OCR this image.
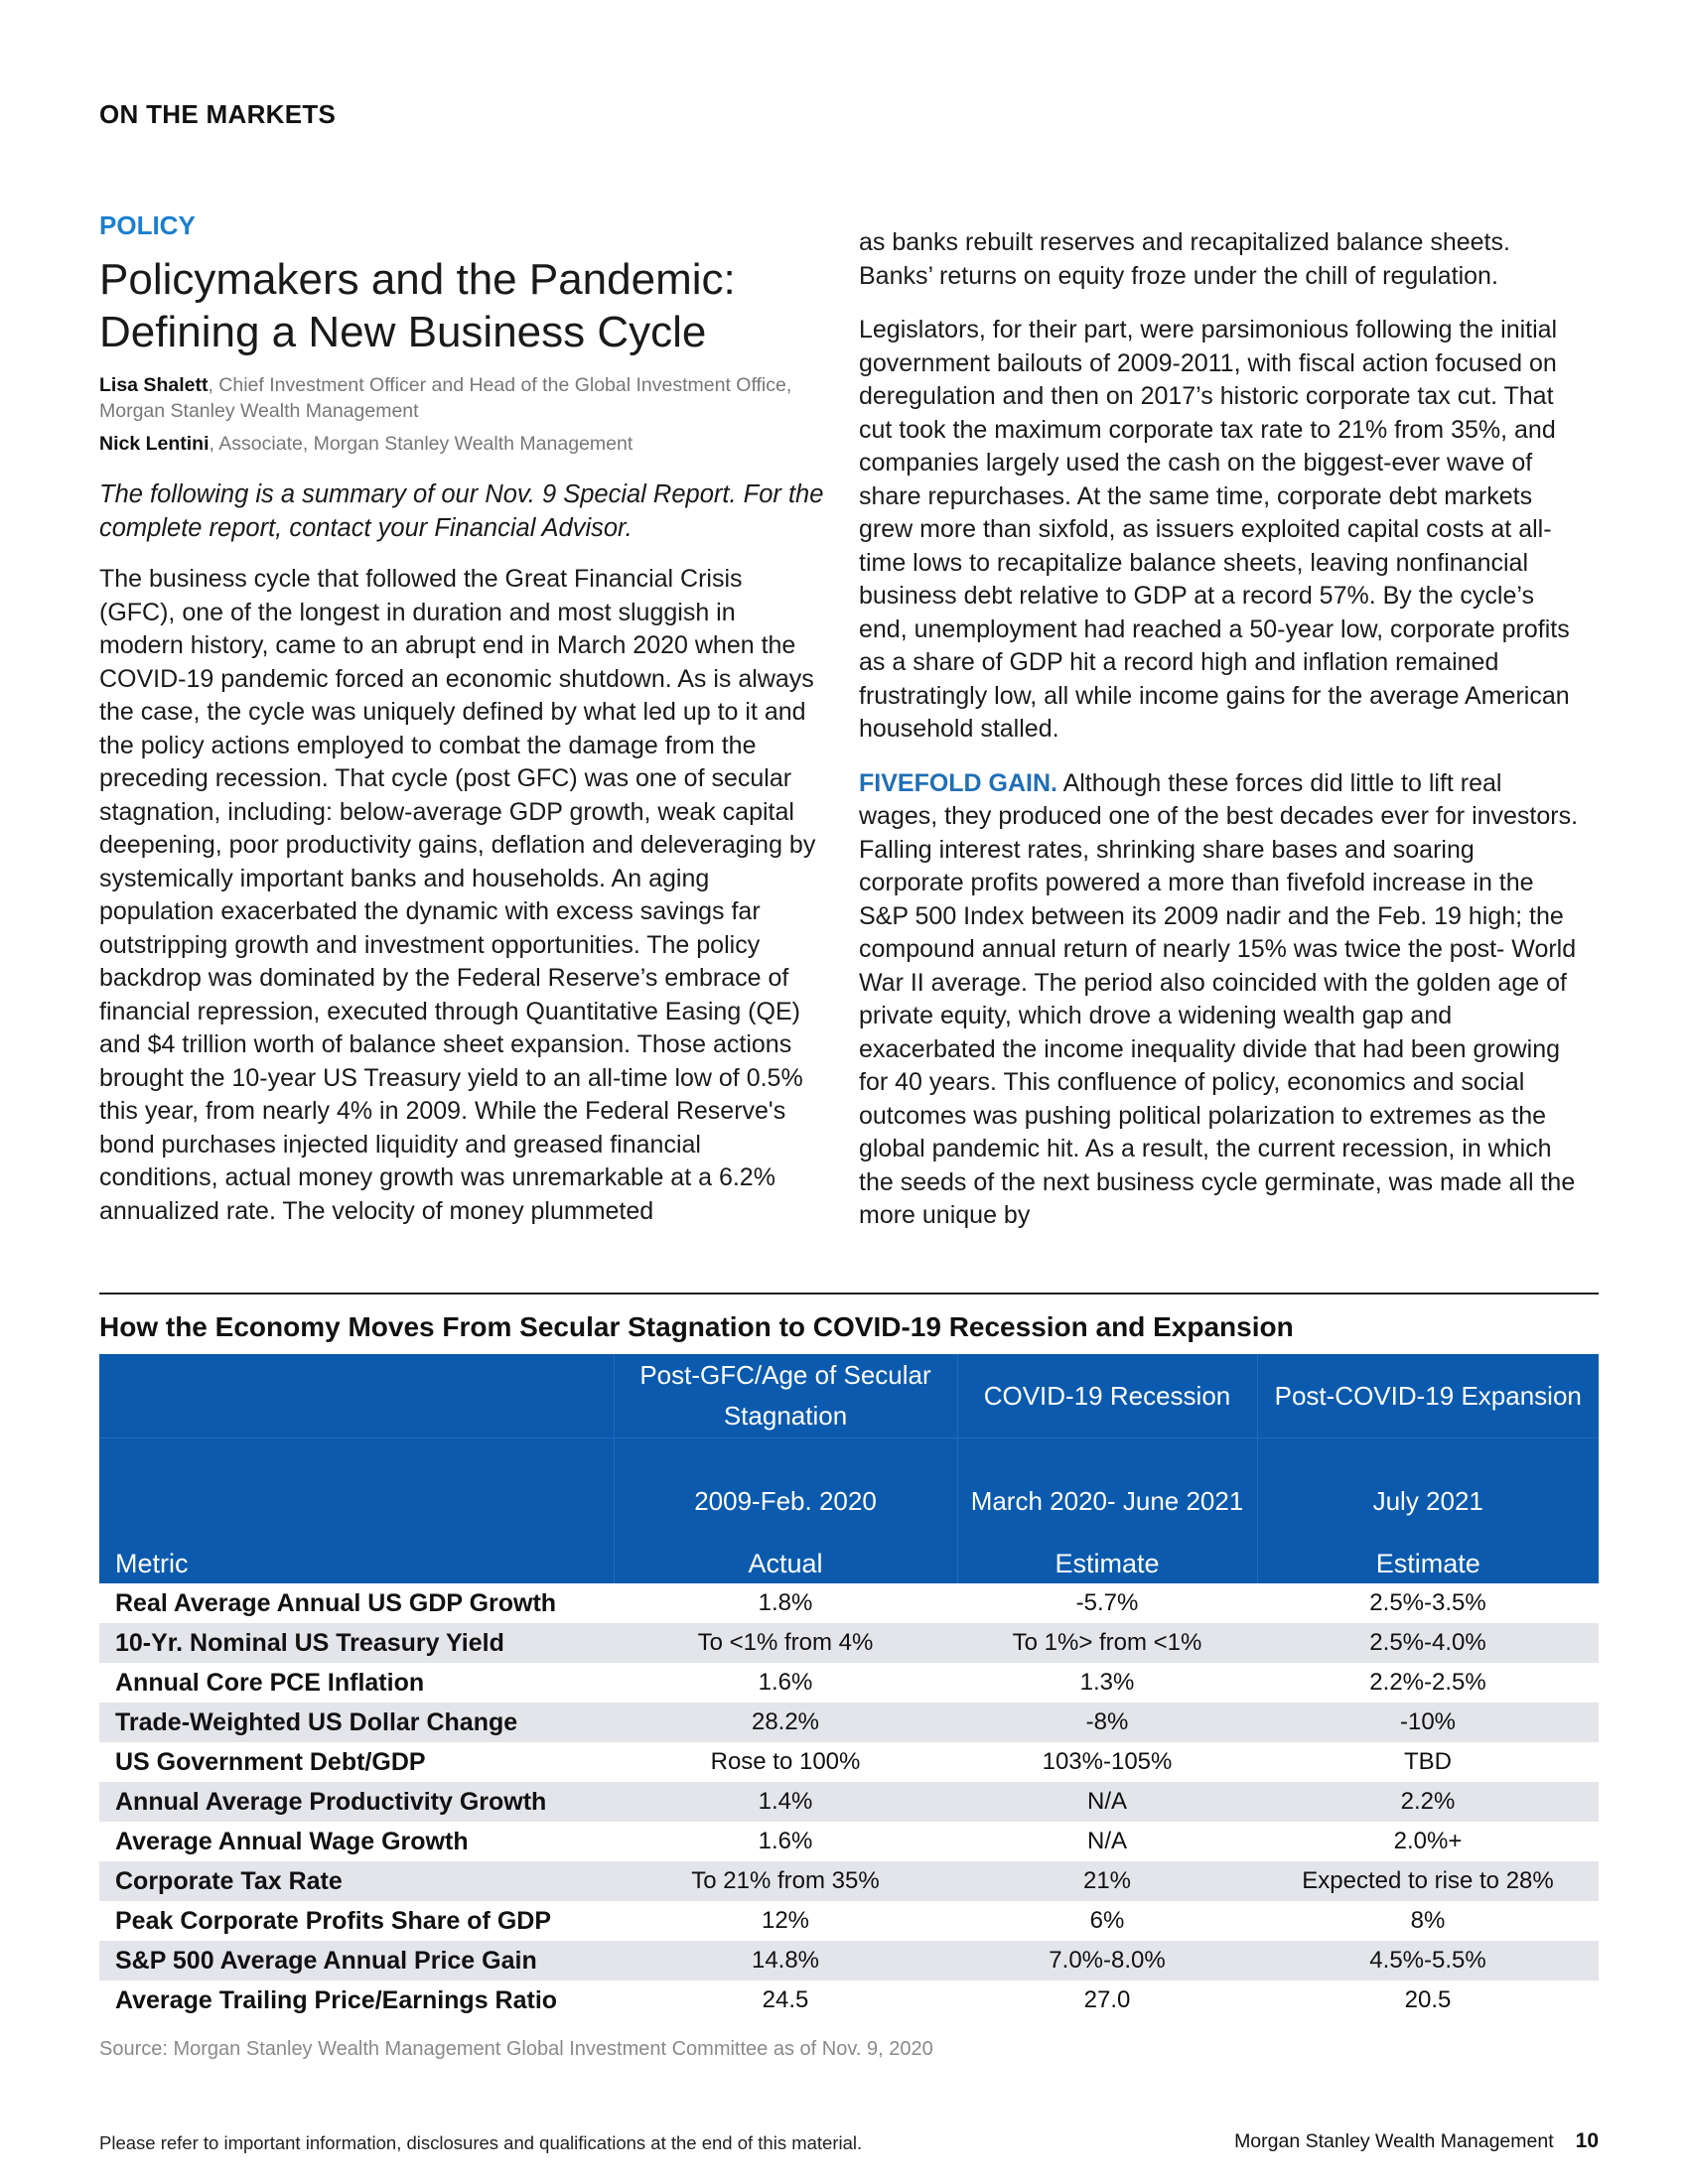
ON THE MARKETS
POLICY
Policymakers and the Pandemic:
Defining a New Business Cycle

Lisa Shalett, Chief Investment Officer and Head of the Global Investment Office, Morgan Stanley Wealth Management

Nick Lentini, Associate, Morgan Stanley Wealth Management

The following is a summary of our Nov. 9 Special Report. For the complete report, contact your Financial Advisor.

The business cycle that followed the Great Financial Crisis (GFC), one of the longest in duration and most sluggish in modern history, came to an abrupt end in March 2020 when the COVID-19 pandemic forced an economic shutdown. As is always the case, the cycle was uniquely defined by what led up to it and the policy actions employed to combat the damage from the preceding recession. That cycle (post GFC) was one of secular stagnation, including: below-average GDP growth, weak capital deepening, poor productivity gains, deflation and deleveraging by systemically important banks and households. An aging population exacerbated the dynamic with excess savings far outstripping growth and investment opportunities. The policy backdrop was dominated by the Federal Reserve’s embrace of financial repression, executed through Quantitative Easing (QE) and $4 trillion worth of balance sheet expansion. Those actions brought the 10-year US Treasury yield to an all-time low of 0.5% this year, from nearly 4% in 2009. While the Federal Reserve's bond purchases injected liquidity and greased financial conditions, actual money growth was unremarkable at a 6.2% annualized rate. The velocity of money plummeted

as banks rebuilt reserves and recapitalized balance sheets. Banks’ returns on equity froze under the chill of regulation.

Legislators, for their part, were parsimonious following the initial government bailouts of 2009-2011, with fiscal action focused on deregulation and then on 2017’s historic corporate tax cut. That cut took the maximum corporate tax rate to 21% from 35%, and companies largely used the cash on the biggest-ever wave of share repurchases. At the same time, corporate debt markets grew more than sixfold, as issuers exploited capital costs at all-time lows to recapitalize balance sheets, leaving nonfinancial business debt relative to GDP at a record 57%. By the cycle’s end, unemployment had reached a 50-year low, corporate profits as a share of GDP hit a record high and inflation remained frustratingly low, all while income gains for the average American household stalled.

FIVEFOLD GAIN. Although these forces did little to lift real wages, they produced one of the best decades ever for investors. Falling interest rates, shrinking share bases and soaring corporate profits powered a more than fivefold increase in the S&P 500 Index between its 2009 nadir and the Feb. 19 high; the compound annual return of nearly 15% was twice the post- World War II average. The period also coincided with the golden age of private equity, which drove a widening wealth gap and exacerbated the income inequality divide that had been growing for 40 years. This confluence of policy, economics and social outcomes was pushing political polarization to extremes as the global pandemic hit. As a result, the current recession, in which the seeds of the next business cycle germinate, was made all the more unique by

How the Economy Moves From Secular Stagnation to COVID-19 Recession and Expansion
	Post-GFC/Age of Secular Stagnation	COVID-19 Recession	Post-COVID-19 Expansion
	2009-Feb. 2020	March 2020- June 2021	July 2021
Metric	Actual	Estimate	Estimate
Real Average Annual US GDP Growth	1.8%	-5.7%	2.5%-3.5%
10-Yr. Nominal US Treasury Yield	To <1% from 4%	To 1%> from <1%	2.5%-4.0%
Annual Core PCE Inflation	1.6%	1.3%	2.2%-2.5%
Trade-Weighted US Dollar Change	28.2%	-8%	-10%
US Government Debt/GDP	Rose to 100%	103%-105%	TBD
Annual Average Productivity Growth	1.4%	N/A	2.2%
Average Annual Wage Growth	1.6%	N/A	2.0%+
Corporate Tax Rate	To 21% from 35%	21%	Expected to rise to 28%
Peak Corporate Profits Share of GDP	12%	6%	8%
S&P 500 Average Annual Price Gain	14.8%	7.0%-8.0%	4.5%-5.5%
Average Trailing Price/Earnings Ratio	24.5	27.0	20.5
Source: Morgan Stanley Wealth Management Global Investment Committee as of Nov. 9, 2020
Please refer to important information, disclosures and qualifications at the end of this material.	Morgan Stanley Wealth Management 10
